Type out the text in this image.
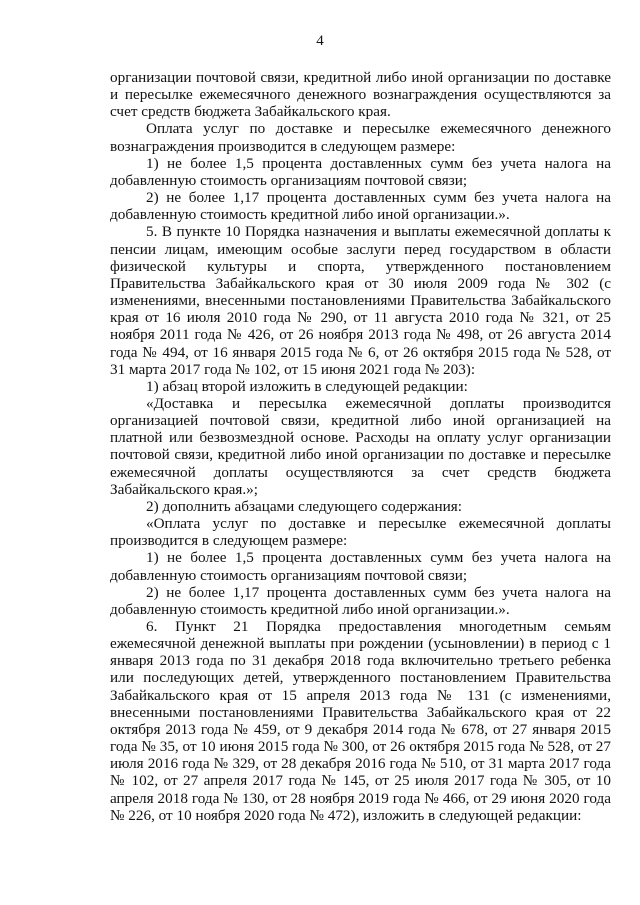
4

организации почтовой связи, кредитной либо иной организации по доставке и пересылке ежемесячного денежного вознаграждения осуществляются за счет средств бюджета Забайкальского края.

Оплата услуг по доставке и пересылке ежемесячного денежного вознаграждения производится в следующем размере:

1) не более 1,5 процента доставленных сумм без учета налога на добавленную стоимость организациям почтовой связи;

2) не более 1,17 процента доставленных сумм без учета налога на добавленную стоимость кредитной либо иной организации.».

5. В пункте 10 Порядка назначения и выплаты ежемесячной доплаты к пенсии лицам, имеющим особые заслуги перед государством в области физической культуры и спорта, утвержденного постановлением Правительства Забайкальского края от 30 июля 2009 года № 302 (с изменениями, внесенными постановлениями Правительства Забайкальского края от 16 июля 2010 года № 290, от 11 августа 2010 года № 321, от 25 ноября 2011 года № 426, от 26 ноября 2013 года № 498, от 26 августа 2014 года № 494, от 16 января 2015 года № 6, от 26 октября 2015 года № 528, от 31 марта 2017 года № 102, от 15 июня 2021 года № 203):

1) абзац второй изложить в следующей редакции:

«Доставка и пересылка ежемесячной доплаты производится организацией почтовой связи, кредитной либо иной организацией на платной или безвозмездной основе. Расходы на оплату услуг организации почтовой связи, кредитной либо иной организации по доставке и пересылке ежемесячной доплаты осуществляются за счет средств бюджета Забайкальского края.»;

2) дополнить абзацами следующего содержания:

«Оплата услуг по доставке и пересылке ежемесячной доплаты производится в следующем размере:

1) не более 1,5 процента доставленных сумм без учета налога на добавленную стоимость организациям почтовой связи;

2) не более 1,17 процента доставленных сумм без учета налога на добавленную стоимость кредитной либо иной организации.».

6. Пункт 21 Порядка предоставления многодетным семьям ежемесячной денежной выплаты при рождении (усыновлении) в период с 1 января 2013 года по 31 декабря 2018 года включительно третьего ребенка или последующих детей, утвержденного постановлением Правительства Забайкальского края от 15 апреля 2013 года № 131 (с изменениями, внесенными постановлениями Правительства Забайкальского края от 22 октября 2013 года № 459, от 9 декабря 2014 года № 678, от 27 января 2015 года № 35, от 10 июня 2015 года № 300, от 26 октября 2015 года № 528, от 27 июля 2016 года № 329, от 28 декабря 2016 года № 510, от 31 марта 2017 года № 102, от 27 апреля 2017 года № 145, от 25 июля 2017 года № 305, от 10 апреля 2018 года № 130, от 28 ноября 2019 года № 466, от 29 июня 2020 года № 226, от 10 ноября 2020 года № 472), изложить в следующей редакции:
